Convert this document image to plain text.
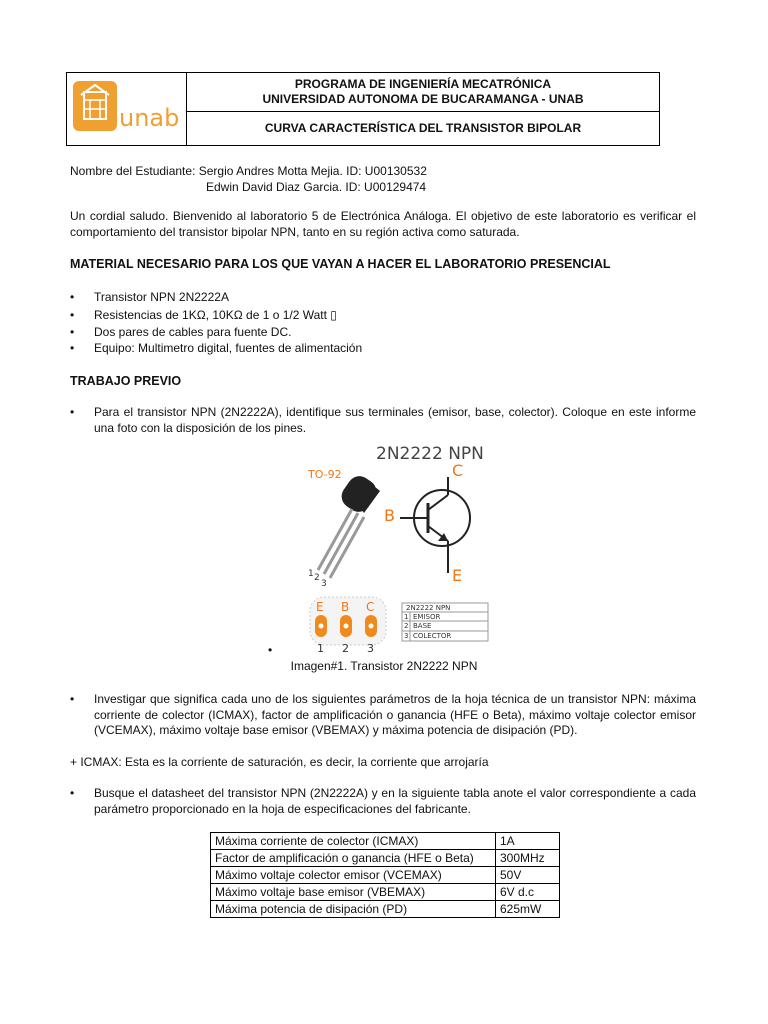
unab
PROGRAMA DE INGENIERÍA MECATRÓNICA
UNIVERSIDAD AUTONOMA DE BUCARAMANGA - UNAB
CURVA CARACTERÍSTICA DEL TRANSISTOR BIPOLAR
Nombre del Estudiante: Sergio Andres Motta Mejia. ID: U00130532
Edwin David Diaz Garcia. ID: U00129474
Un cordial saludo. Bienvenido al laboratorio 5 de Electrónica Análoga. El objetivo de este laboratorio es verificar el comportamiento del transistor bipolar NPN, tanto en su región activa como saturada.
MATERIAL NECESARIO PARA LOS QUE VAYAN A HACER EL LABORATORIO PRESENCIAL
• Transistor NPN 2N2222A
• Resistencias de 1KΩ, 10KΩ de 1 o 1/2 Watt ▯
• Dos pares de cables para fuente DC.
• Equipo: Multimetro digital, fuentes de alimentación
TRABAJO PREVIO
• Para el transistor NPN (2N2222A), identifique sus terminales (emisor, base, colector). Coloque en este informe una foto con la disposición de los pines.
2N2222 NPN
TO-92
1 2
3
C
B
E
E B C
1 2 3
2N2222 NPN
1 EMISOR
2 BASE
3 COLECTOR
•
Imagen#1. Transistor 2N2222 NPN
• Investigar que significa cada uno de los siguientes parámetros de la hoja técnica de un transistor NPN: máxima corriente de colector (ICMAX), factor de amplificación o ganancia (HFE o Beta), máximo voltaje colector emisor (VCEMAX), máximo voltaje base emisor (VBEMAX) y máxima potencia de disipación (PD).
+ ICMAX: Esta es la corriente de saturación, es decir, la corriente que arrojaría
• Busque el datasheet del transistor NPN (2N2222A) y en la siguiente tabla anote el valor correspondiente a cada parámetro proporcionado en la hoja de especificaciones del fabricante.
Máxima corriente de colector (ICMAX)	1A
Factor de amplificación o ganancia (HFE o Beta)	300MHz
Máximo voltaje colector emisor (VCEMAX)	50V
Máximo voltaje base emisor (VBEMAX)	6V d.c
Máxima potencia de disipación (PD)	625mW
